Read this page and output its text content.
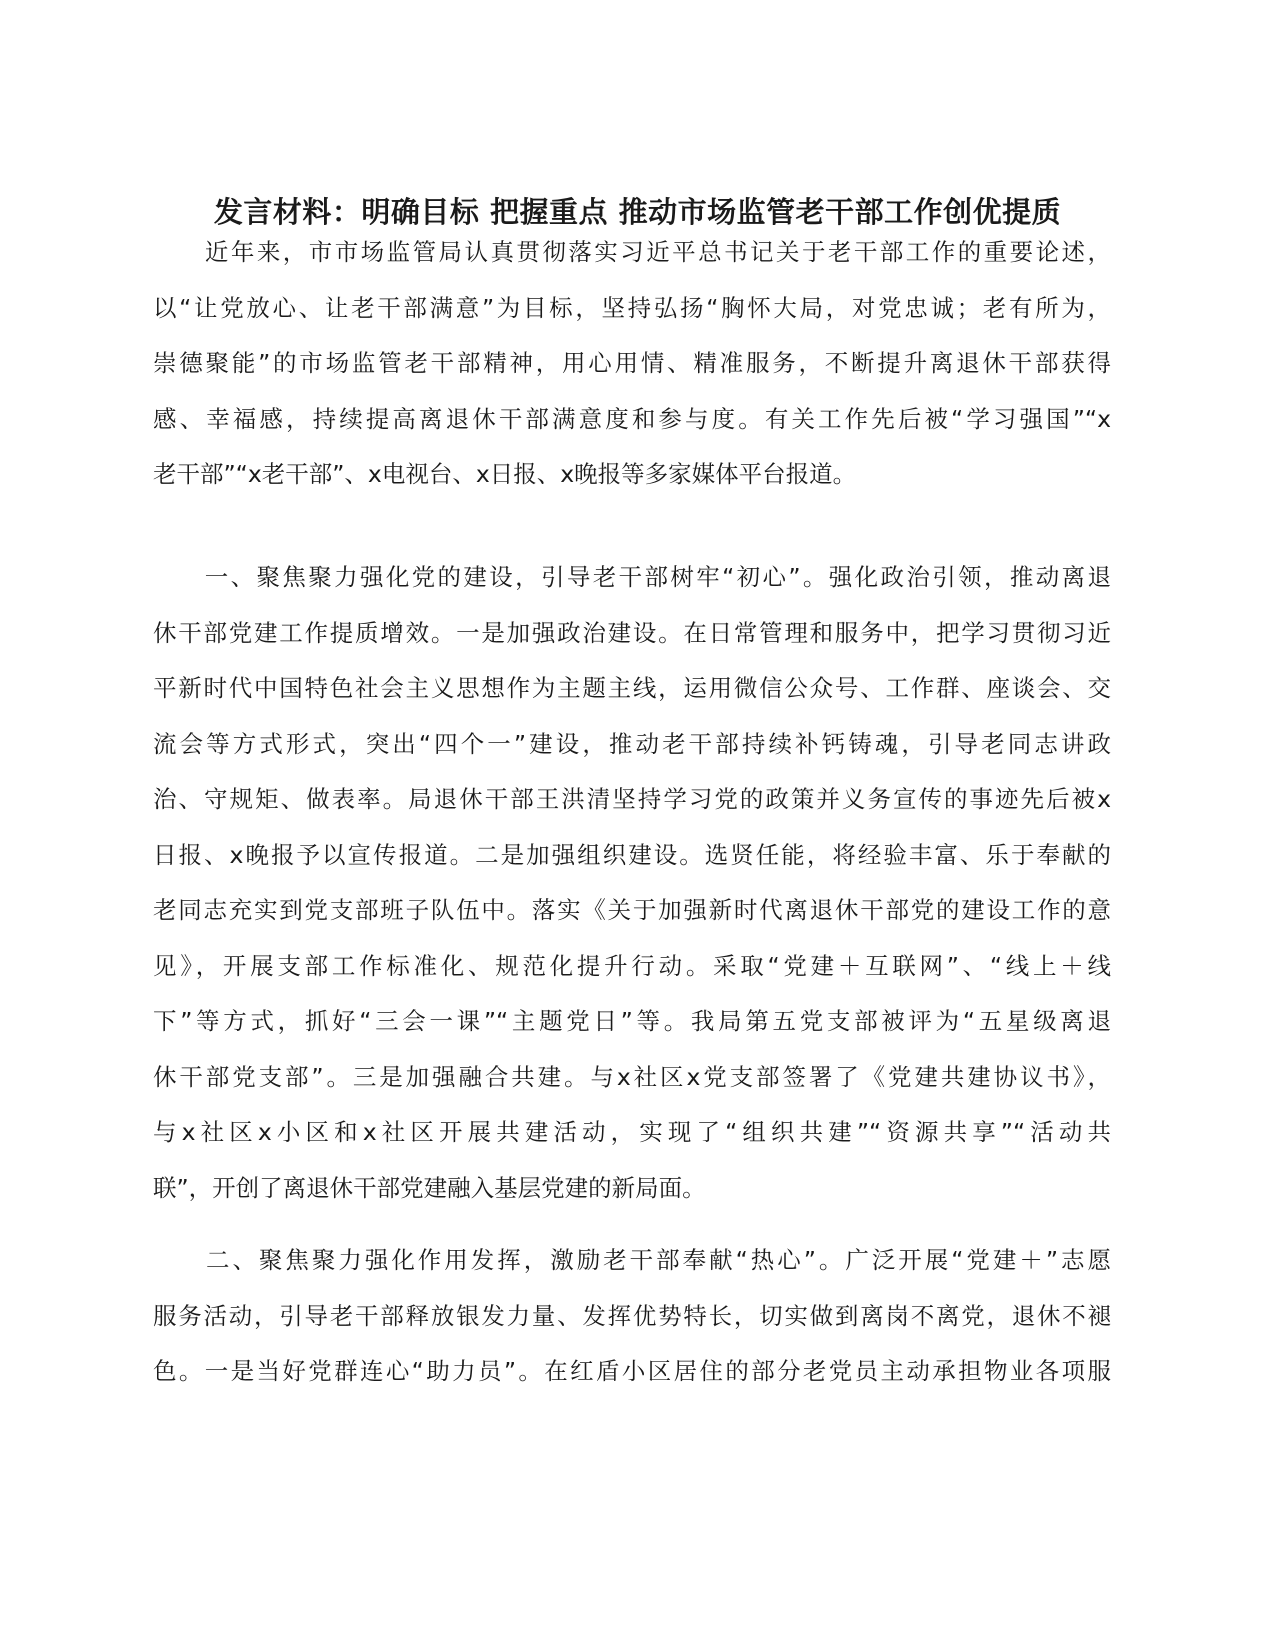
发言材料：明确目标 把握重点 推动市场监管老干部工作创优提质
　　近年来，市市场监管局认真贯彻落实习近平总书记关于老干部工作的重要论述，
以“让党放心、让老干部满意”为目标，坚持弘扬“胸怀大局，对党忠诚；老有所为，
崇德聚能”的市场监管老干部精神，用心用情、精准服务，不断提升离退休干部获得
感、幸福感，持续提高离退休干部满意度和参与度。有关工作先后被“学习强国”“x
老干部”“x老干部”、x电视台、x日报、x晚报等多家媒体平台报道。
　　一、聚焦聚力强化党的建设，引导老干部树牢“初心”。强化政治引领，推动离退
休干部党建工作提质增效。一是加强政治建设。在日常管理和服务中，把学习贯彻习近
平新时代中国特色社会主义思想作为主题主线，运用微信公众号、工作群、座谈会、交
流会等方式形式，突出“四个一”建设，推动老干部持续补钙铸魂，引导老同志讲政
治、守规矩、做表率。局退休干部王洪清坚持学习党的政策并义务宣传的事迹先后被x
日报、x晚报予以宣传报道。二是加强组织建设。选贤任能，将经验丰富、乐于奉献的
老同志充实到党支部班子队伍中。落实《关于加强新时代离退休干部党的建设工作的意
见》，开展支部工作标准化、规范化提升行动。采取“党建＋互联网”、“线上＋线
下”等方式，抓好“三会一课”“主题党日”等。我局第五党支部被评为“五星级离退
休干部党支部”。三是加强融合共建。与x社区x党支部签署了《党建共建协议书》，
与x社区x小区和x社区开展共建活动，实现了“组织共建”“资源共享”“活动共
联”，开创了离退休干部党建融入基层党建的新局面。
　　二、聚焦聚力强化作用发挥，激励老干部奉献“热心”。广泛开展“党建＋”志愿
服务活动，引导老干部释放银发力量、发挥优势特长，切实做到离岗不离党，退休不褪
色。一是当好党群连心“助力员”。在红盾小区居住的部分老党员主动承担物业各项服
